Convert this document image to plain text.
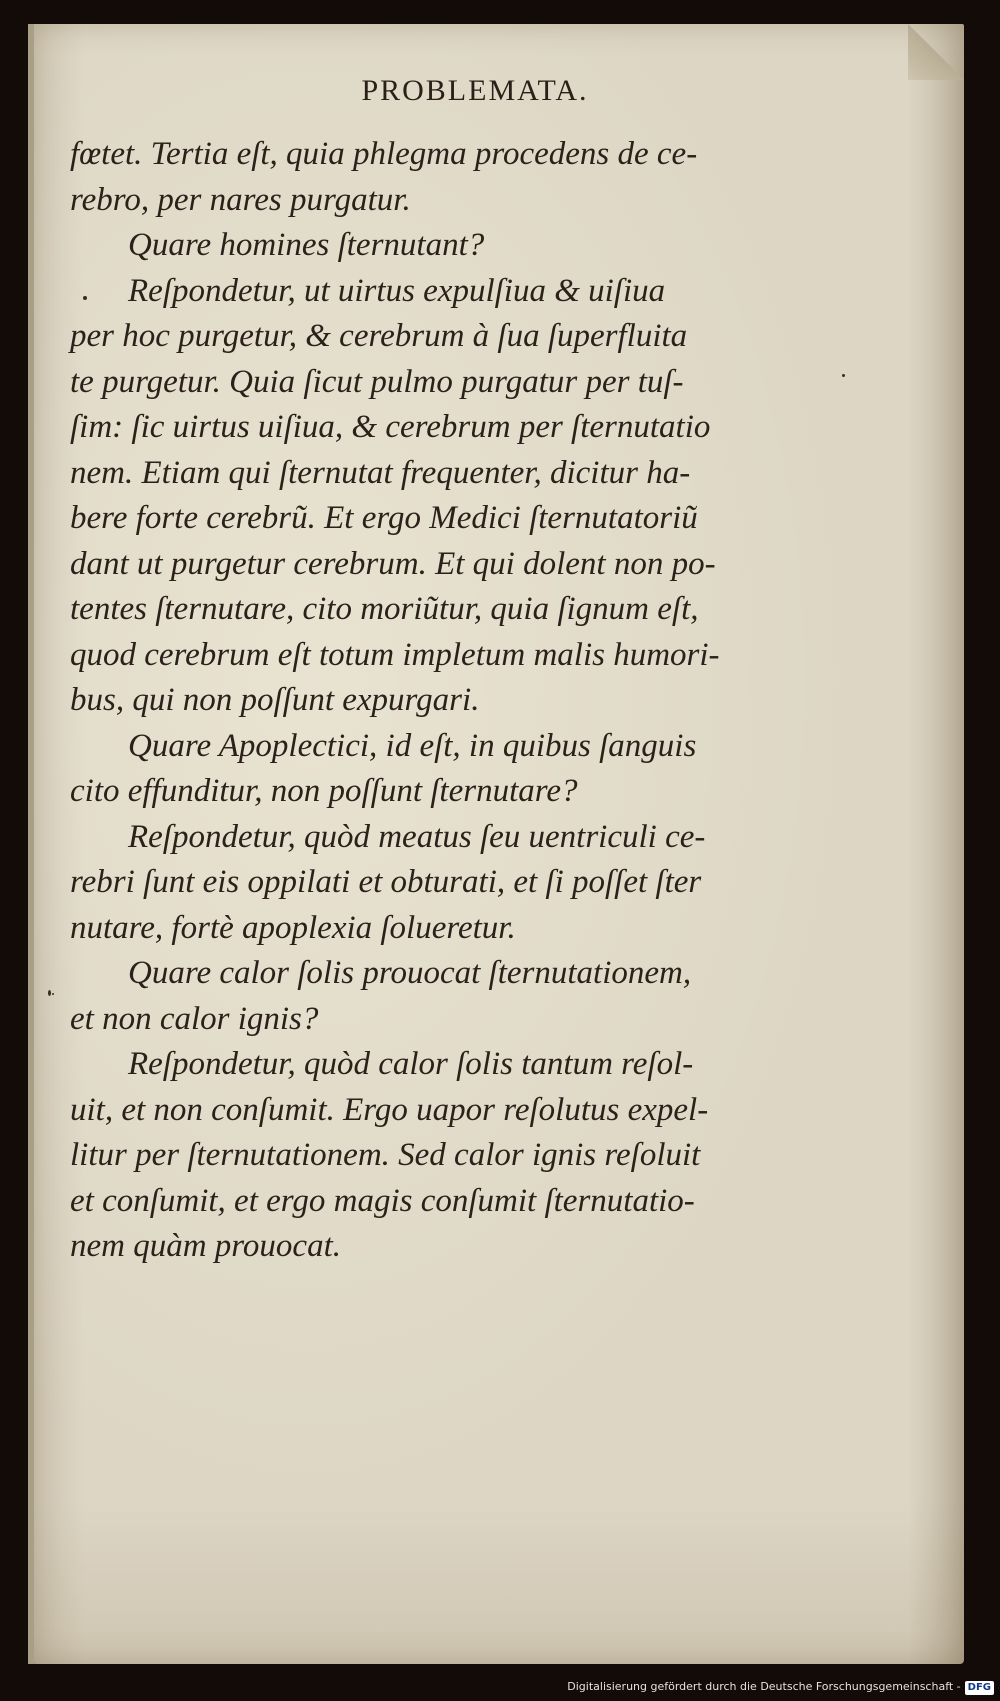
PROBLEMATA.

fœtet. Tertia eſt, quia phlegma procedens de ce-

rebro, per nares purgatur.

Quare homines ſternutant?

Reſpondetur, ut uirtus expulſiua & uiſiua

per hoc purgetur, & cerebrum à ſua ſuperfluita

te purgetur. Quia ſicut pulmo purgatur per tuſ-

ſim: ſic uirtus uiſiua, & cerebrum per ſternutatio

nem. Etiam qui ſternutat frequenter, dicitur ha-

bere forte cerebrũ. Et ergo Medici ſternutatoriũ

dant ut purgetur cerebrum. Et qui dolent non po-

tentes ſternutare, cito moriũtur, quia ſignum eſt,

quod cerebrum eſt totum impletum malis humori-

bus, qui non poſſunt expurgari.

Quare Apoplectici, id eſt, in quibus ſanguis

cito effunditur, non poſſunt ſternutare?

Reſpondetur, quòd meatus ſeu uentriculi ce-

rebri ſunt eis oppilati et obturati, et ſi poſſet ſter

nutare, fortè apoplexia ſolueretur.

Quare calor ſolis prouocat ſternutationem,

et non calor ignis?

Reſpondetur, quòd calor ſolis tantum reſol-

uit, et non conſumit. Ergo uapor reſolutus expel-

litur per ſternutationem. Sed calor ignis reſoluit

et conſumit, et ergo magis conſumit ſternutatio-

nem quàm prouocat.

Digitalisierung gefördert durch die Deutsche Forschungsgemeinschaft - DFG
